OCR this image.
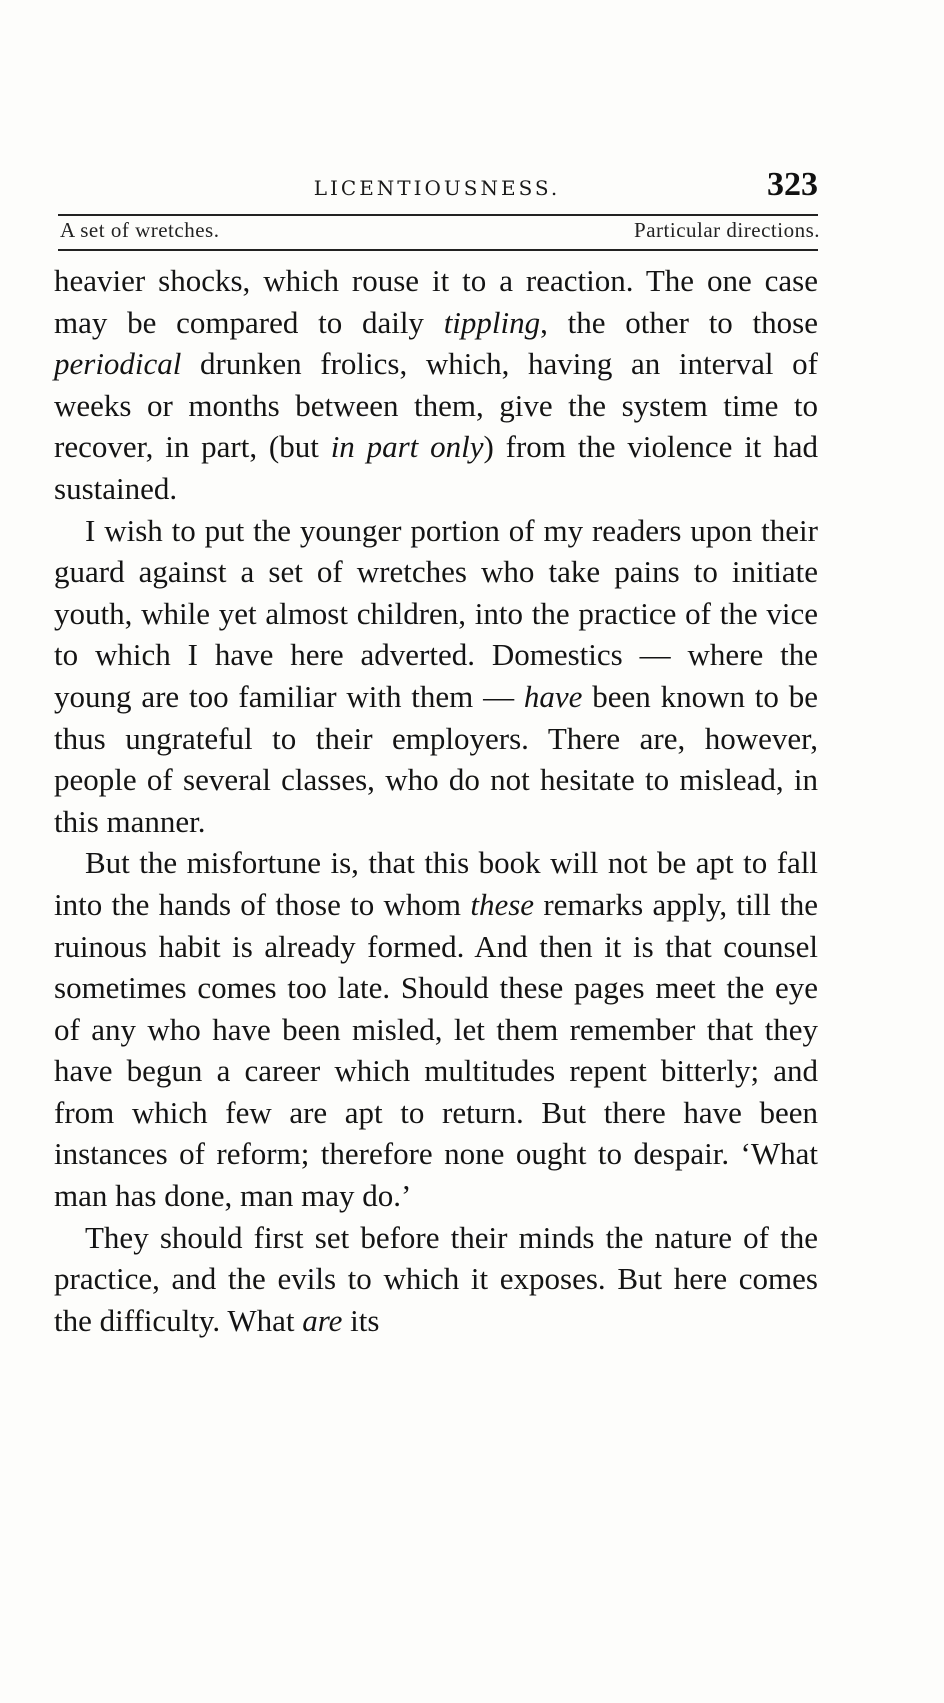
LICENTIOUSNESS.	323
A set of wretches.	Particular directions.

heavier shocks, which rouse it to a reaction. The one case may be compared to daily tippling, the other to those periodical drunken frolics, which, having an interval of weeks or months between them, give the system time to recover, in part, (but in part only) from the violence it had sustained.

I wish to put the younger portion of my readers upon their guard against a set of wretches who take pains to initiate youth, while yet almost children, into the practice of the vice to which I have here adverted. Domestics — where the young are too familiar with them — have been known to be thus ungrateful to their employers. There are, however, people of several classes, who do not hesitate to mislead, in this manner.

But the misfortune is, that this book will not be apt to fall into the hands of those to whom these remarks apply, till the ruinous habit is already formed. And then it is that counsel sometimes comes too late. Should these pages meet the eye of any who have been misled, let them remember that they have begun a career which multitudes repent bitterly; and from which few are apt to return. But there have been instances of reform; therefore none ought to despair. ‘What man has done, man may do.’

They should first set before their minds the nature of the practice, and the evils to which it exposes. But here comes the difficulty. What are its
